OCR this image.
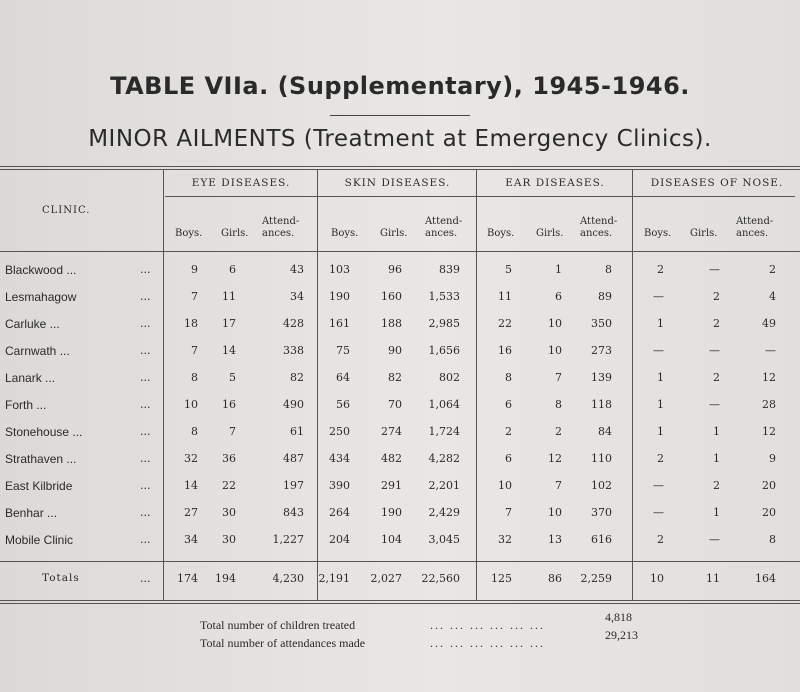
TABLE VIIa. (Supplementary), 1945-1946.
MINOR AILMENTS (Treatment at Emergency Clinics).
CLINIC.
EYE DISEASES.	SKIN DISEASES.	EAR DISEASES.	DISEASES OF NOSE.
Boys. Girls.
Attend-
ances.	Boys. Girls.
Attend-
ances.	Boys. Girls.
Attend-
ances.	Boys. Girls.
Attend-
ances.
Blackwood ...	...	9	6	43	103	96	839	5	1	8	2	—	2
Lesmahagow	...	7	11	34	190	160	1,533	11	6	89	—	2	4
Carluke ...	...	18	17	428	161	188	2,985	22	10	350	1	2	49
Carnwath ...	...	7	14	338	75	90	1,656	16	10	273	—	—	—
Lanark ...	...	8	5	82	64	82	802	8	7	139	1	2	12
Forth ...	...	10	16	490	56	70	1,064	6	8	118	1	—	28
Stonehouse ...	...	8	7	61	250	274	1,724	2	2	84	1	1	12
Strathaven ...	...	32	36	487	434	482	4,282	6	12	110	2	1	9
East Kilbride	...	14	22	197	390	291	2,201	10	7	102	—	2	20
Benhar ...	...	27	30	843	264	190	2,429	7	10	370	—	1	20
Mobile Clinic	...	34	30	1,227	204	104	3,045	32	13	616	2	—	8
Totals	...	174	194	4,230	2,191	2,027	22,560	125	86	2,259	10	11	164
Total number of children treated	... ... ... ... ... ...
4,818
Total number of attendances made	... ... ... ... ... ...
29,213
